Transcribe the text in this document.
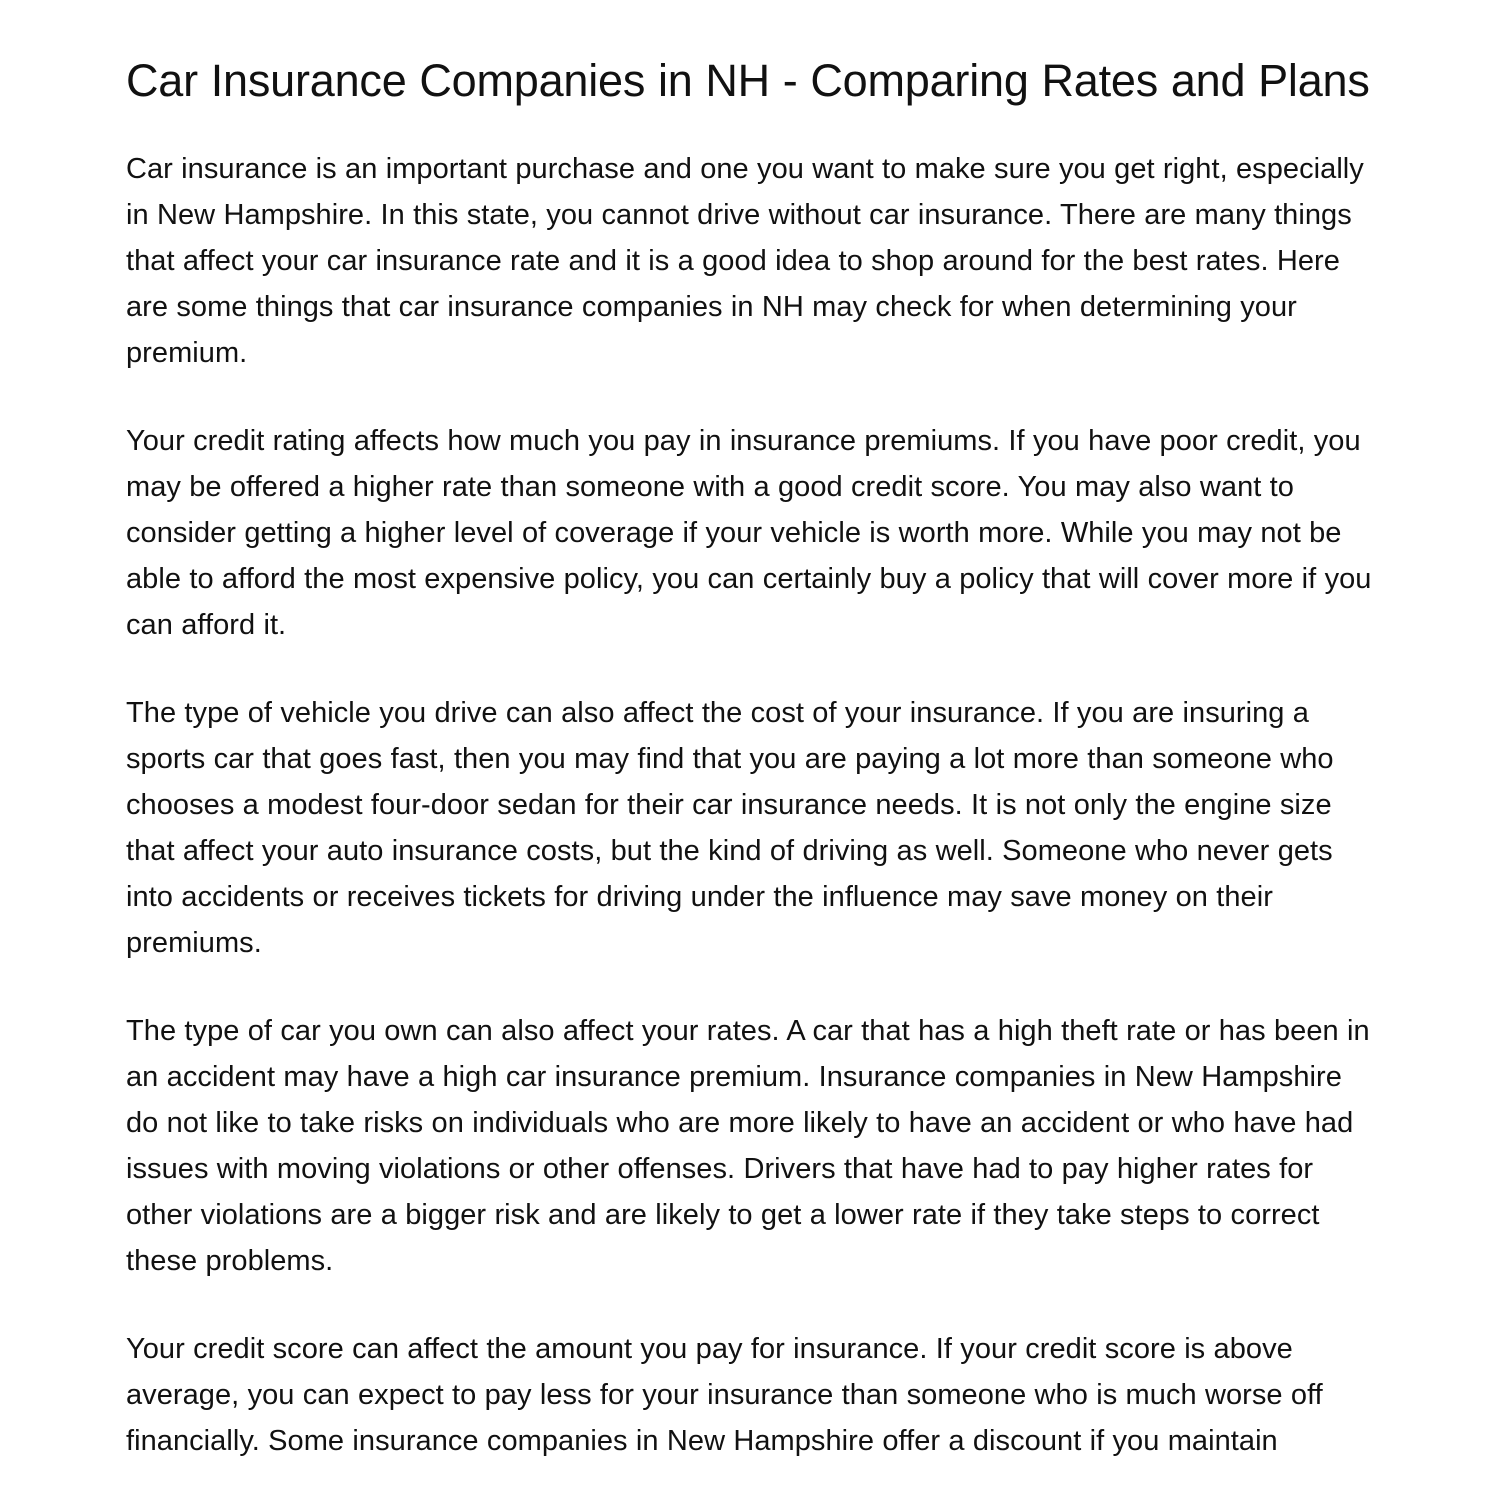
Car Insurance Companies in NH - Comparing Rates and Plans

Car insurance is an important purchase and one you want to make sure you get right, especially in New Hampshire. In this state, you cannot drive without car insurance. There are many things that affect your car insurance rate and it is a good idea to shop around for the best rates. Here are some things that car insurance companies in NH may check for when determining your premium.

Your credit rating affects how much you pay in insurance premiums. If you have poor credit, you may be offered a higher rate than someone with a good credit score. You may also want to consider getting a higher level of coverage if your vehicle is worth more. While you may not be able to afford the most expensive policy, you can certainly buy a policy that will cover more if you can afford it.

The type of vehicle you drive can also affect the cost of your insurance. If you are insuring a sports car that goes fast, then you may find that you are paying a lot more than someone who chooses a modest four-door sedan for their car insurance needs. It is not only the engine size that affect your auto insurance costs, but the kind of driving as well. Someone who never gets into accidents or receives tickets for driving under the influence may save money on their premiums.

The type of car you own can also affect your rates. A car that has a high theft rate or has been in an accident may have a high car insurance premium. Insurance companies in New Hampshire do not like to take risks on individuals who are more likely to have an accident or who have had issues with moving violations or other offenses. Drivers that have had to pay higher rates for other violations are a bigger risk and are likely to get a lower rate if they take steps to correct these problems.

Your credit score can affect the amount you pay for insurance. If your credit score is above average, you can expect to pay less for your insurance than someone who is much worse off financially. Some insurance companies in New Hampshire offer a discount if you maintain
